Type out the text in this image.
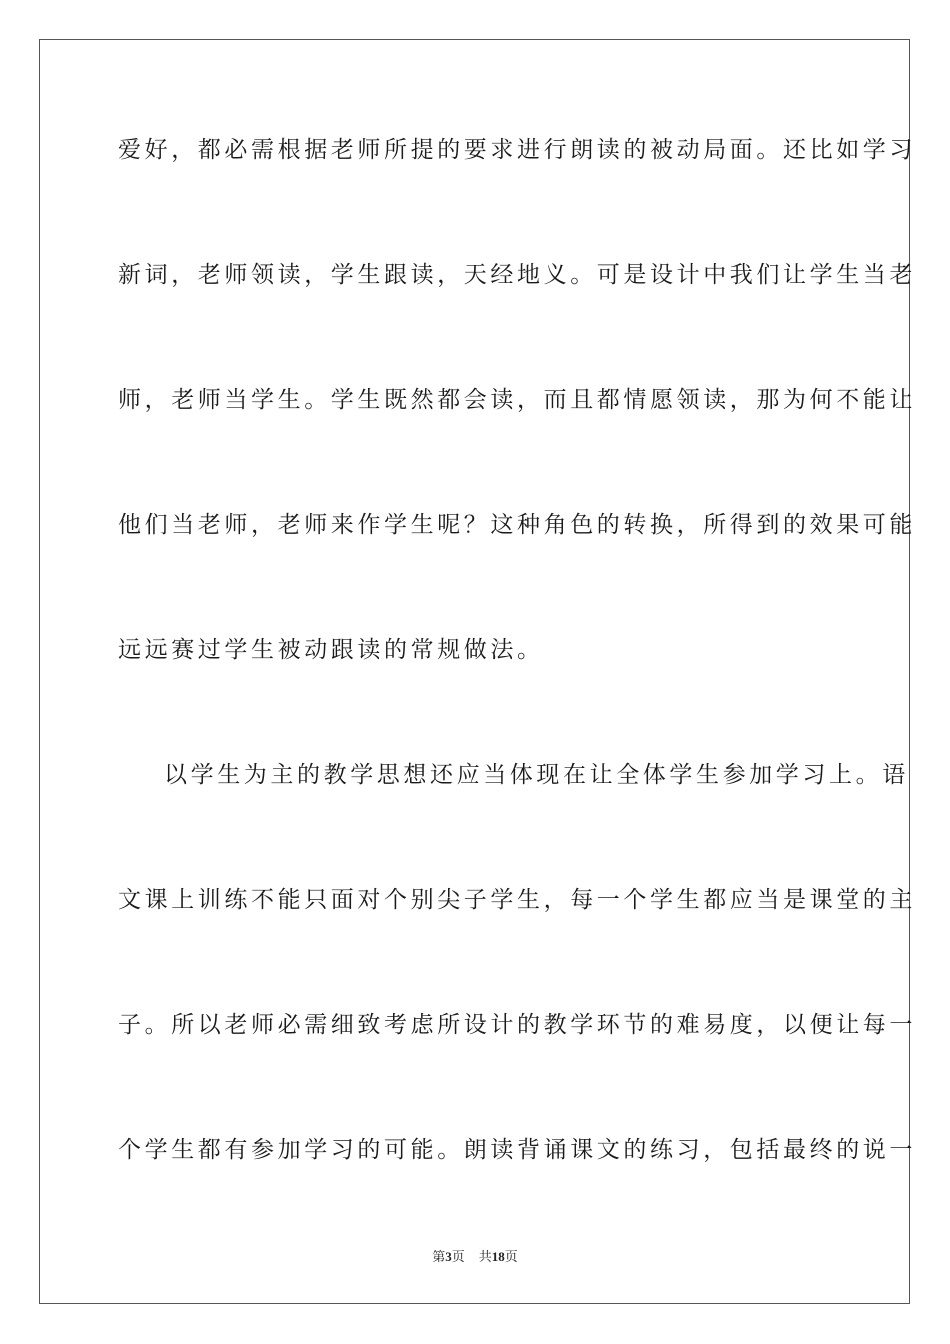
爱好，都必需根据老师所提的要求进行朗读的被动局面。还比如学习
新词，老师领读，学生跟读，天经地义。可是设计中我们让学生当老
师，老师当学生。学生既然都会读，而且都情愿领读，那为何不能让
他们当老师，老师来作学生呢？这种角色的转换，所得到的效果可能
远远赛过学生被动跟读的常规做法。
以学生为主的教学思想还应当体现在让全体学生参加学习上。语
文课上训练不能只面对个别尖子学生，每一个学生都应当是课堂的主
子。所以老师必需细致考虑所设计的教学环节的难易度，以便让每一
个学生都有参加学习的可能。朗读背诵课文的练习，包括最终的说一
第3页 共18页
